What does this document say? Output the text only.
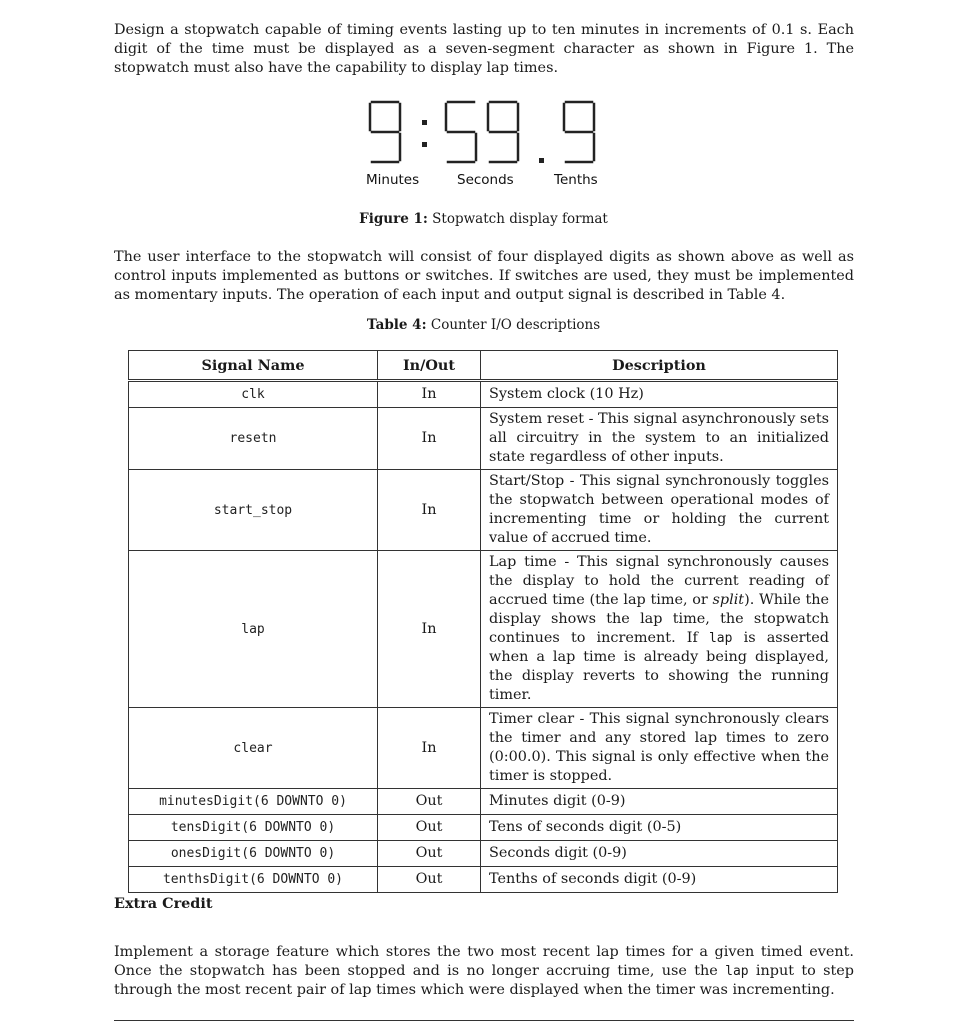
Design a stopwatch capable of timing events lasting up to ten minutes in increments of 0.1 s. Each digit of the time must be displayed as a seven-segment character as shown in Figure 1. The stopwatch must also have the capability to display lap times.

Minutes	Seconds	Tenths
Figure 1: Stopwatch display format

The user interface to the stopwatch will consist of four displayed digits as shown above as well as control inputs implemented as buttons or switches. If switches are used, they must be implemented as momentary inputs. The operation of each input and output signal is described in Table 4.

Table 4: Counter I/O descriptions
Signal Name	In/Out	Description
clk	In	System clock (10 Hz)
resetn	In	System reset - This signal asynchronously sets all circuitry in the system to an initialized state regardless of other inputs.
start_stop	In	Start/Stop - This signal synchronously toggles the stopwatch between operational modes of incrementing time or holding the current value of accrued time.
lap	In	Lap time - This signal synchronously causes the display to hold the current reading of accrued time (the lap time, or split). While the display shows the lap time, the stopwatch continues to increment. If lap is asserted when a lap time is already being displayed, the display reverts to showing the running timer.
clear	In	Timer clear - This signal synchronously clears the timer and any stored lap times to zero (0:00.0). This signal is only effective when the timer is stopped.
minutesDigit(6 DOWNTO 0)	Out	Minutes digit (0-9)
tensDigit(6 DOWNTO 0)	Out	Tens of seconds digit (0-5)
onesDigit(6 DOWNTO 0)	Out	Seconds digit (0-9)
tenthsDigit(6 DOWNTO 0)	Out	Tenths of seconds digit (0-9)
Extra Credit

Implement a storage feature which stores the two most recent lap times for a given timed event. Once the stopwatch has been stopped and is no longer accruing time, use the lap input to step through the most recent pair of lap times which were displayed when the timer was incrementing.
